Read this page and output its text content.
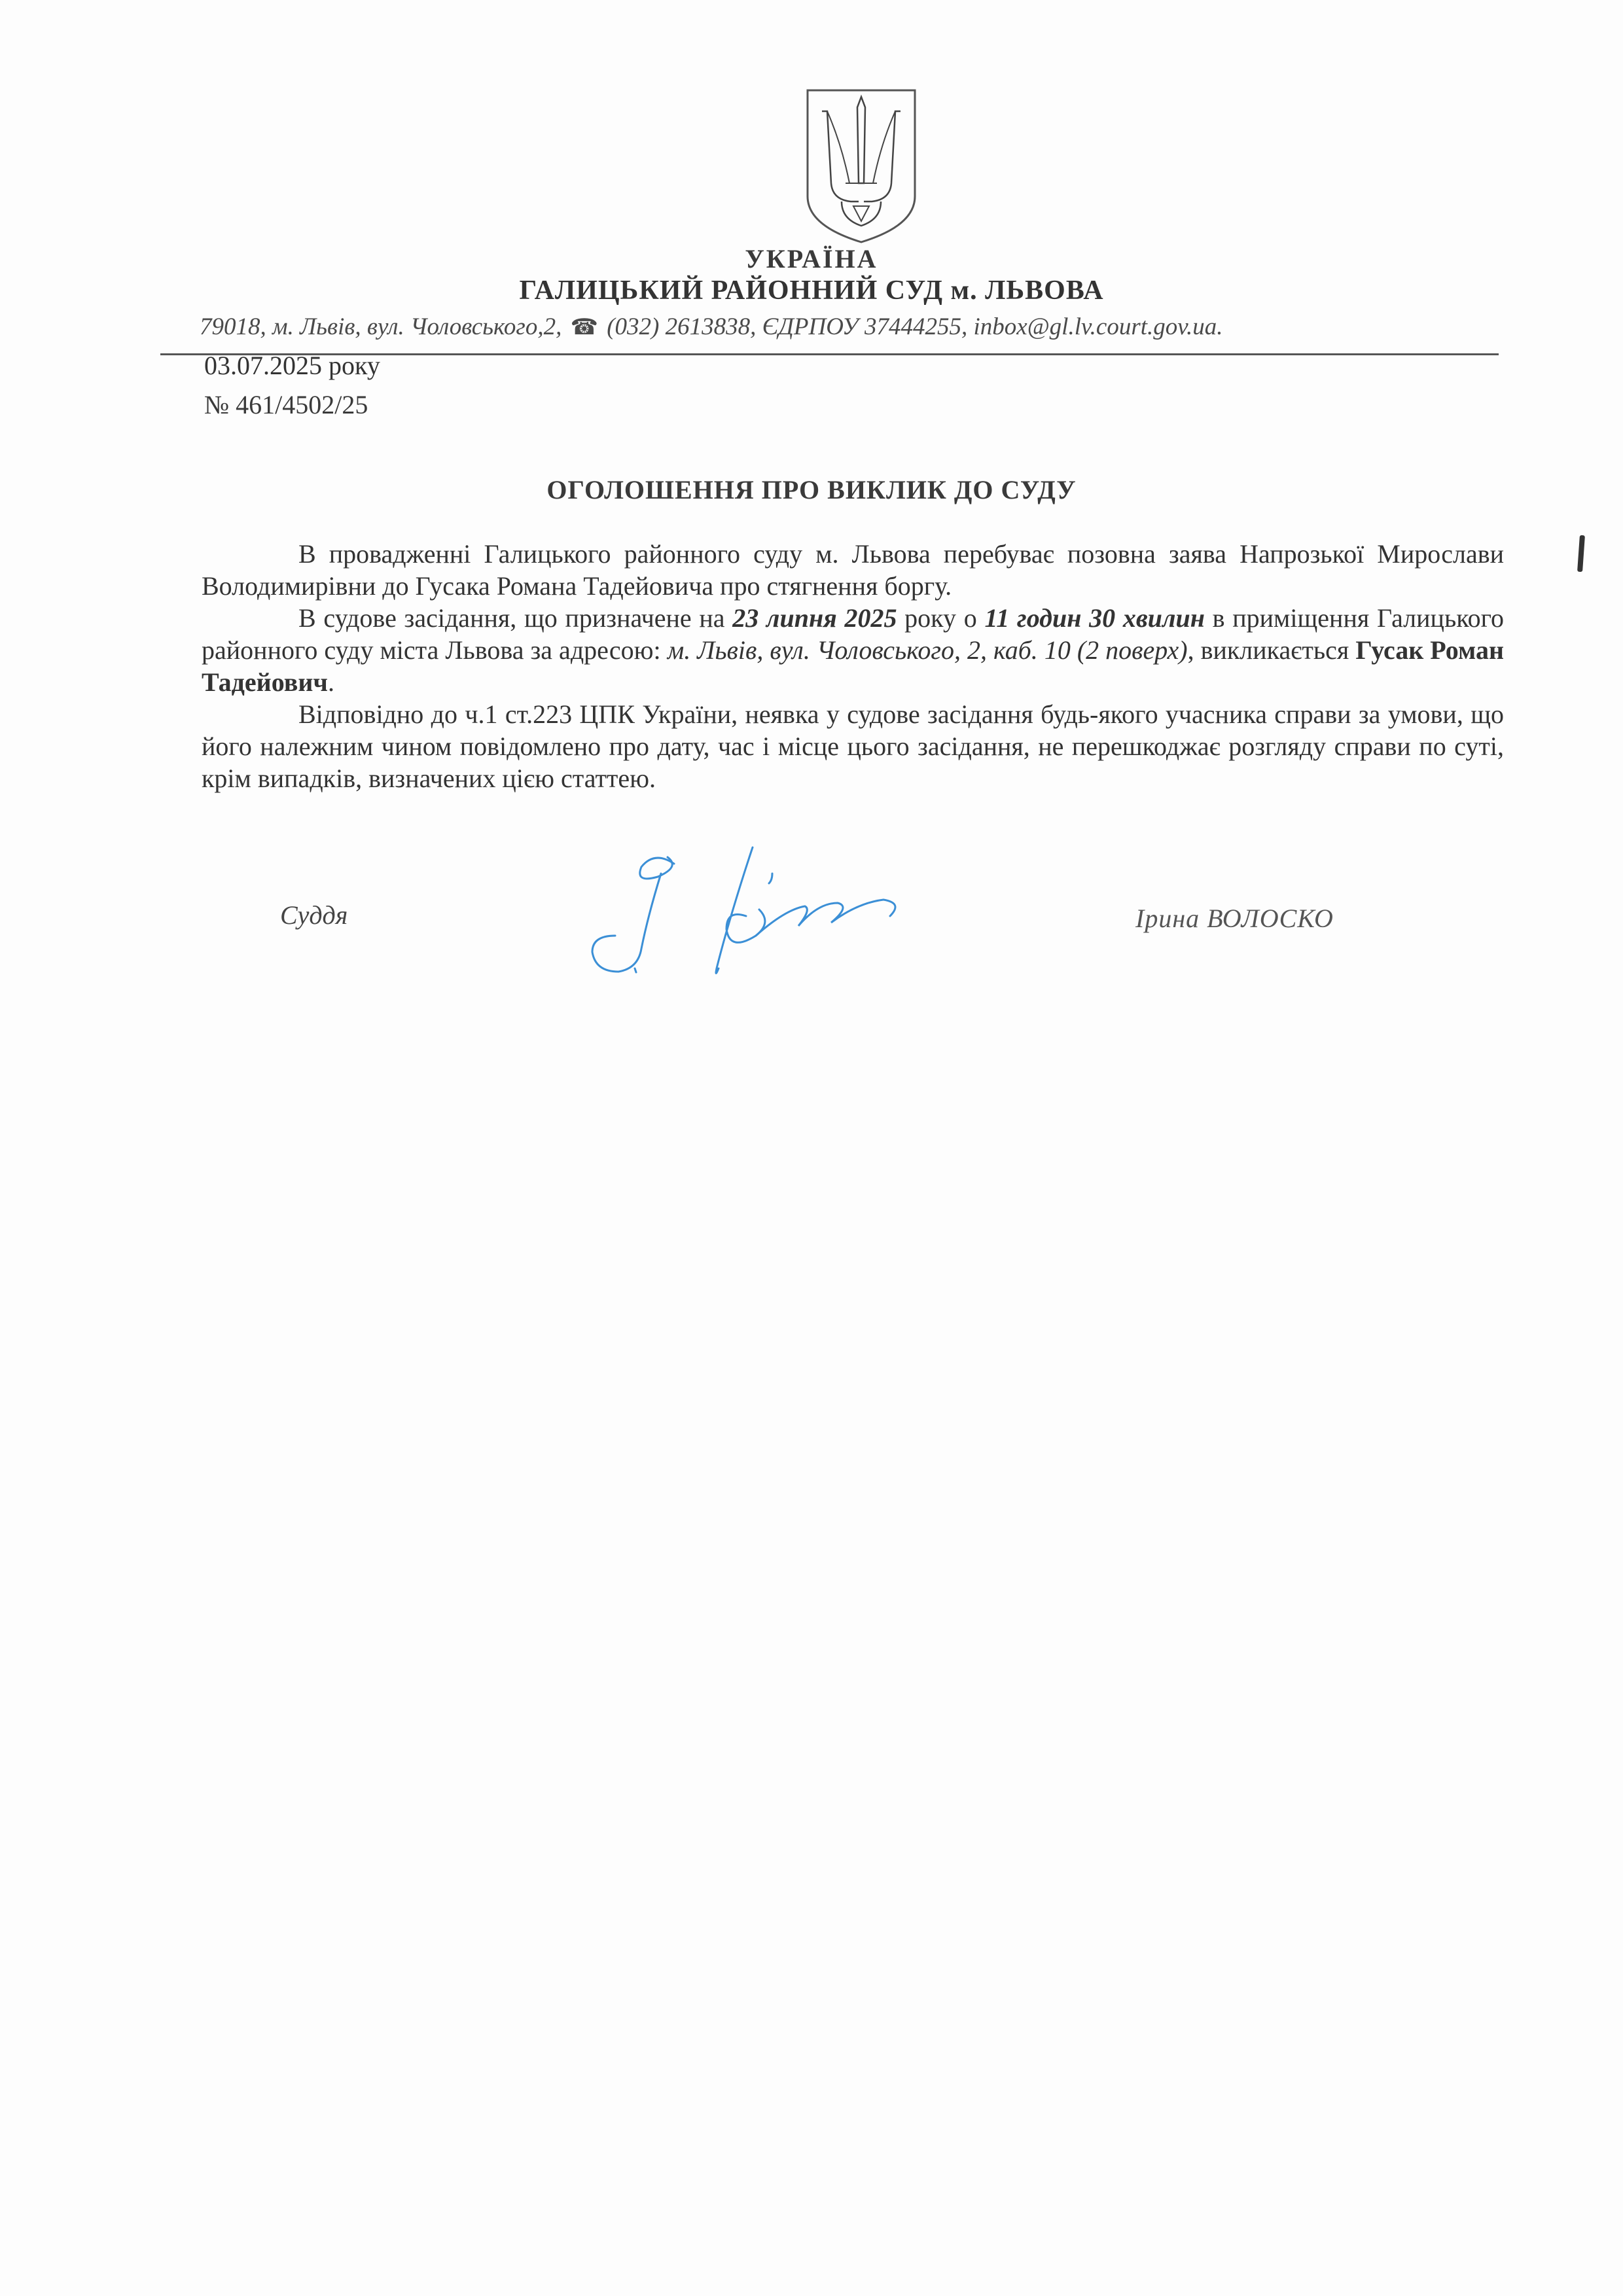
УКРАЇНА
ГАЛИЦЬКИЙ РАЙОННИЙ СУД м. ЛЬВОВА
79018, м. Львів, вул. Чоловського,2, ☎ (032) 2613838, ЄДРПОУ 37444255, inbox@gl.lv.court.gov.ua.
03.07.2025 року
№ 461/4502/25
ОГОЛОШЕННЯ ПРО ВИКЛИК ДО СУДУ

В провадженні Галицького районного суду м. Львова перебуває позовна заява Напрозької Мирослави Володимирівни до Гусака Романа Тадейовича про стягнення боргу.

В судове засідання, що призначене на 23 липня 2025 року о 11 годин 30 хвилин в приміщення Галицького районного суду міста Львова за адресою: м. Львів, вул. Чоловського, 2, каб. 10 (2 поверх), викликається Гусак Роман Тадейович.

Відповідно до ч.1 ст.223 ЦПК України, неявка у судове засідання будь-якого учасника справи за умови, що його належним чином повідомлено про дату, час і місце цього засідання, не перешкоджає розгляду справи по суті, крім випадків, визначених цією статтею.

Суддя	Ірина ВОЛОСКО
